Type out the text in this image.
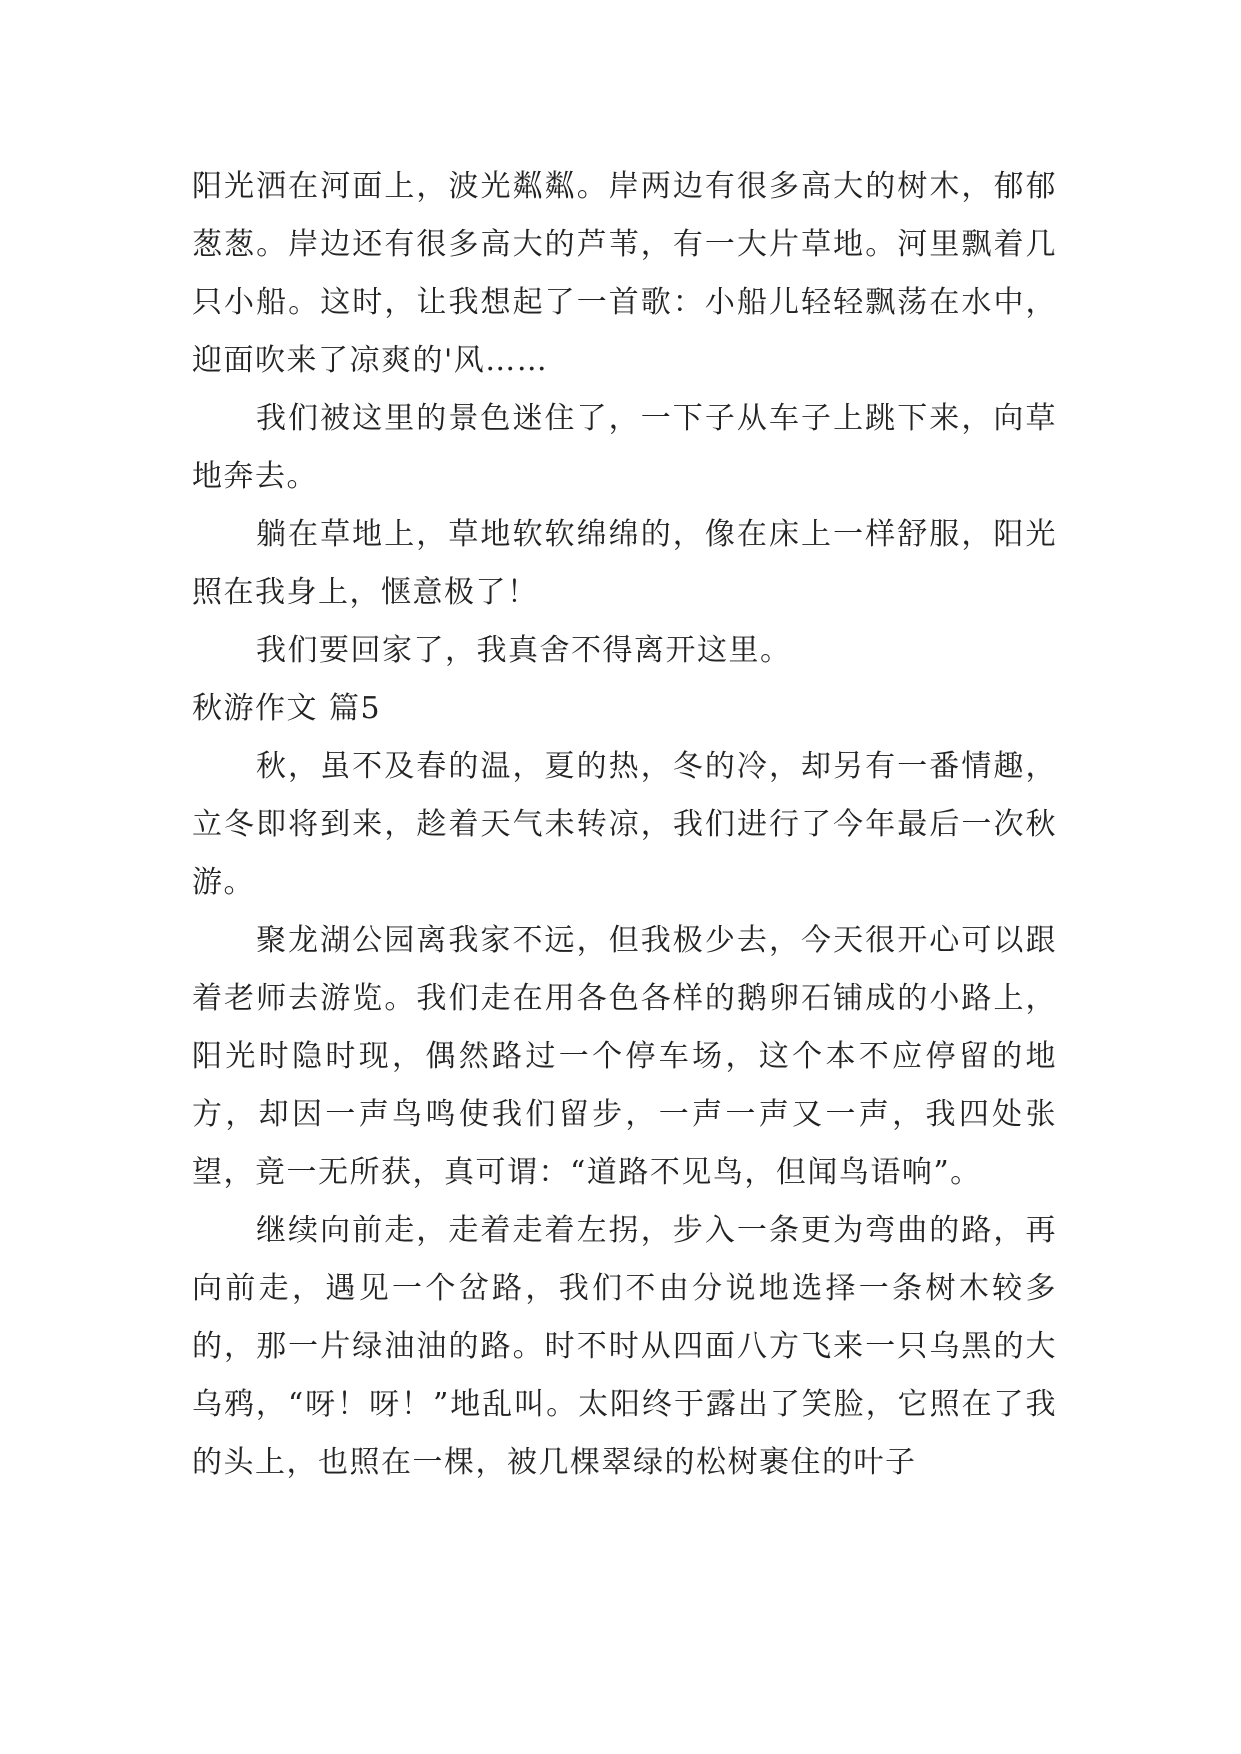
阳光洒在河面上，波光粼粼。岸两边有很多高大的树木，郁郁葱葱。岸边还有很多高大的芦苇，有一大片草地。河里飘着几只小船。这时，让我想起了一首歌：小船儿轻轻飘荡在水中，迎面吹来了凉爽的'风……

我们被这里的景色迷住了，一下子从车子上跳下来，向草地奔去。

躺在草地上，草地软软绵绵的，像在床上一样舒服，阳光照在我身上，惬意极了！

我们要回家了，我真舍不得离开这里。

秋游作文 篇5

秋，虽不及春的温，夏的热，冬的冷，却另有一番情趣，立冬即将到来，趁着天气未转凉，我们进行了今年最后一次秋游。

聚龙湖公园离我家不远，但我极少去，今天很开心可以跟着老师去游览。我们走在用各色各样的鹅卵石铺成的小路上，阳光时隐时现，偶然路过一个停车场，这个本不应停留的地方，却因一声鸟鸣使我们留步，一声一声又一声，我四处张望，竟一无所获，真可谓：“道路不见鸟，但闻鸟语响”。

继续向前走，走着走着左拐，步入一条更为弯曲的路，再向前走，遇见一个岔路，我们不由分说地选择一条树木较多的，那一片绿油油的路。时不时从四面八方飞来一只乌黑的大乌鸦，“呀！呀！”地乱叫。太阳终于露出了笑脸，它照在了我的头上，也照在一棵，被几棵翠绿的松树裹住的叶子
